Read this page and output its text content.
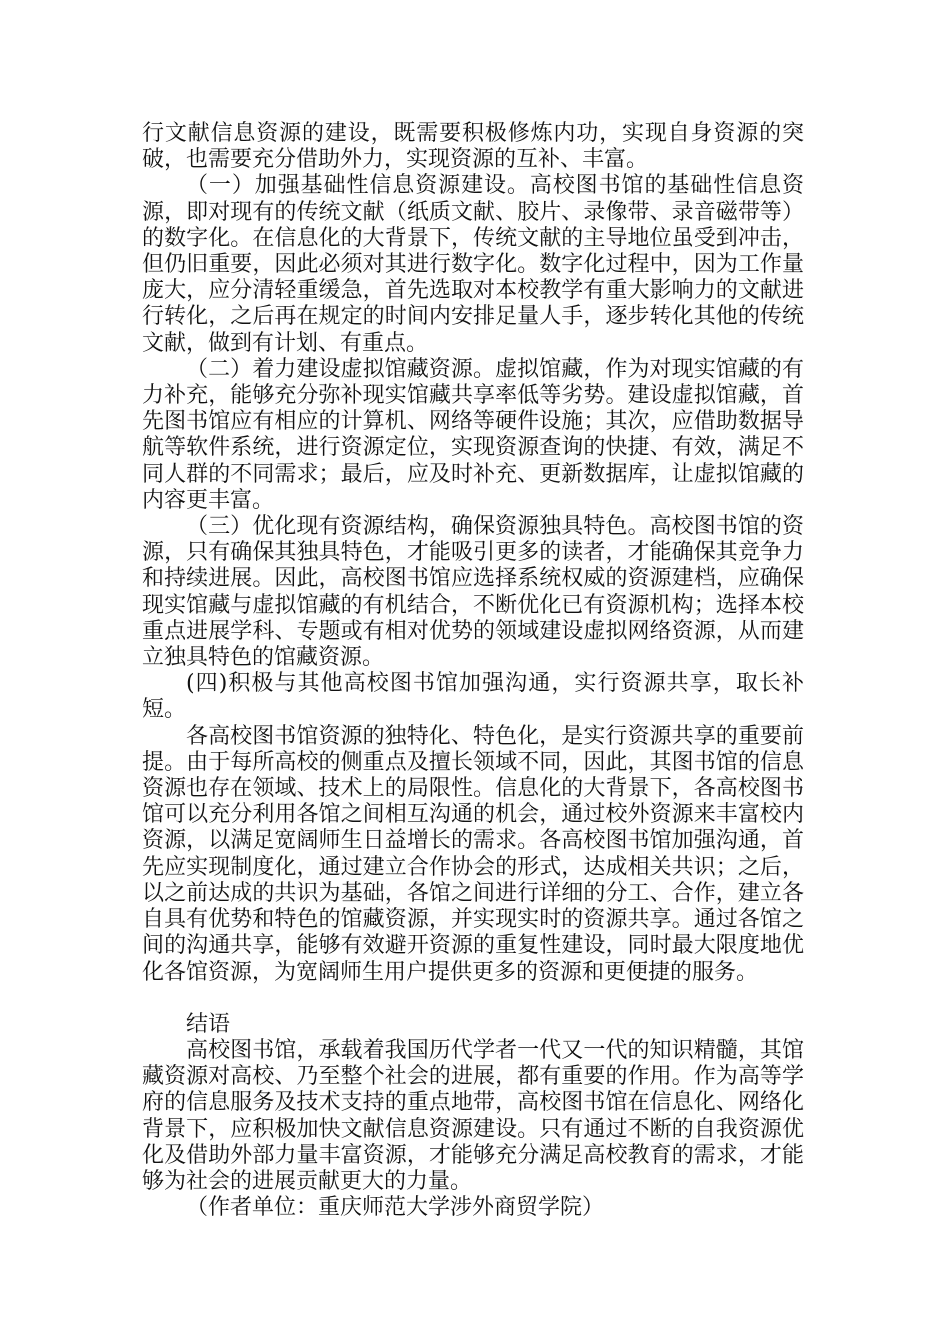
行文献信息资源的建设，既需要积极修炼内功，实现自身资源的突破，也需要充分借助外力，实现资源的互补、丰富。

（一）加强基础性信息资源建设。高校图书馆的基础性信息资源，即对现有的传统文献（纸质文献、胶片、录像带、录音磁带等）的数字化。在信息化的大背景下，传统文献的主导地位虽受到冲击，但仍旧重要，因此必须对其进行数字化。数字化过程中，因为工作量庞大，应分清轻重缓急，首先选取对本校教学有重大影响力的文献进行转化，之后再在规定的时间内安排足量人手，逐步转化其他的传统文献，做到有计划、有重点。

（二）着力建设虚拟馆藏资源。虚拟馆藏，作为对现实馆藏的有力补充，能够充分弥补现实馆藏共享率低等劣势。建设虚拟馆藏，首先图书馆应有相应的计算机、网络等硬件设施；其次，应借助数据导航等软件系统，进行资源定位，实现资源查询的快捷、有效，满足不同人群的不同需求；最后，应及时补充、更新数据库，让虚拟馆藏的内容更丰富。

（三）优化现有资源结构，确保资源独具特色。高校图书馆的资源，只有确保其独具特色，才能吸引更多的读者，才能确保其竞争力和持续进展。因此，高校图书馆应选择系统权威的资源建档，应确保现实馆藏与虚拟馆藏的有机结合，不断优化已有资源机构；选择本校重点进展学科、专题或有相对优势的领域建设虚拟网络资源，从而建立独具特色的馆藏资源。

(四)积极与其他高校图书馆加强沟通，实行资源共享，取长补短。

各高校图书馆资源的独特化、特色化，是实行资源共享的重要前提。由于每所高校的侧重点及擅长领域不同，因此，其图书馆的信息资源也存在领域、技术上的局限性。信息化的大背景下，各高校图书馆可以充分利用各馆之间相互沟通的机会，通过校外资源来丰富校内资源，以满足宽阔师生日益增长的需求。各高校图书馆加强沟通，首先应实现制度化，通过建立合作协会的形式，达成相关共识；之后，以之前达成的共识为基础，各馆之间进行详细的分工、合作，建立各自具有优势和特色的馆藏资源，并实现实时的资源共享。通过各馆之间的沟通共享，能够有效避开资源的重复性建设，同时最大限度地优化各馆资源，为宽阔师生用户提供更多的资源和更便捷的服务。

结语

高校图书馆，承载着我国历代学者一代又一代的知识精髓，其馆藏资源对高校、乃至整个社会的进展，都有重要的作用。作为高等学府的信息服务及技术支持的重点地带，高校图书馆在信息化、网络化背景下，应积极加快文献信息资源建设。只有通过不断的自我资源优化及借助外部力量丰富资源，才能够充分满足高校教育的需求，才能够为社会的进展贡献更大的力量。

（作者单位：重庆师范大学涉外商贸学院）
